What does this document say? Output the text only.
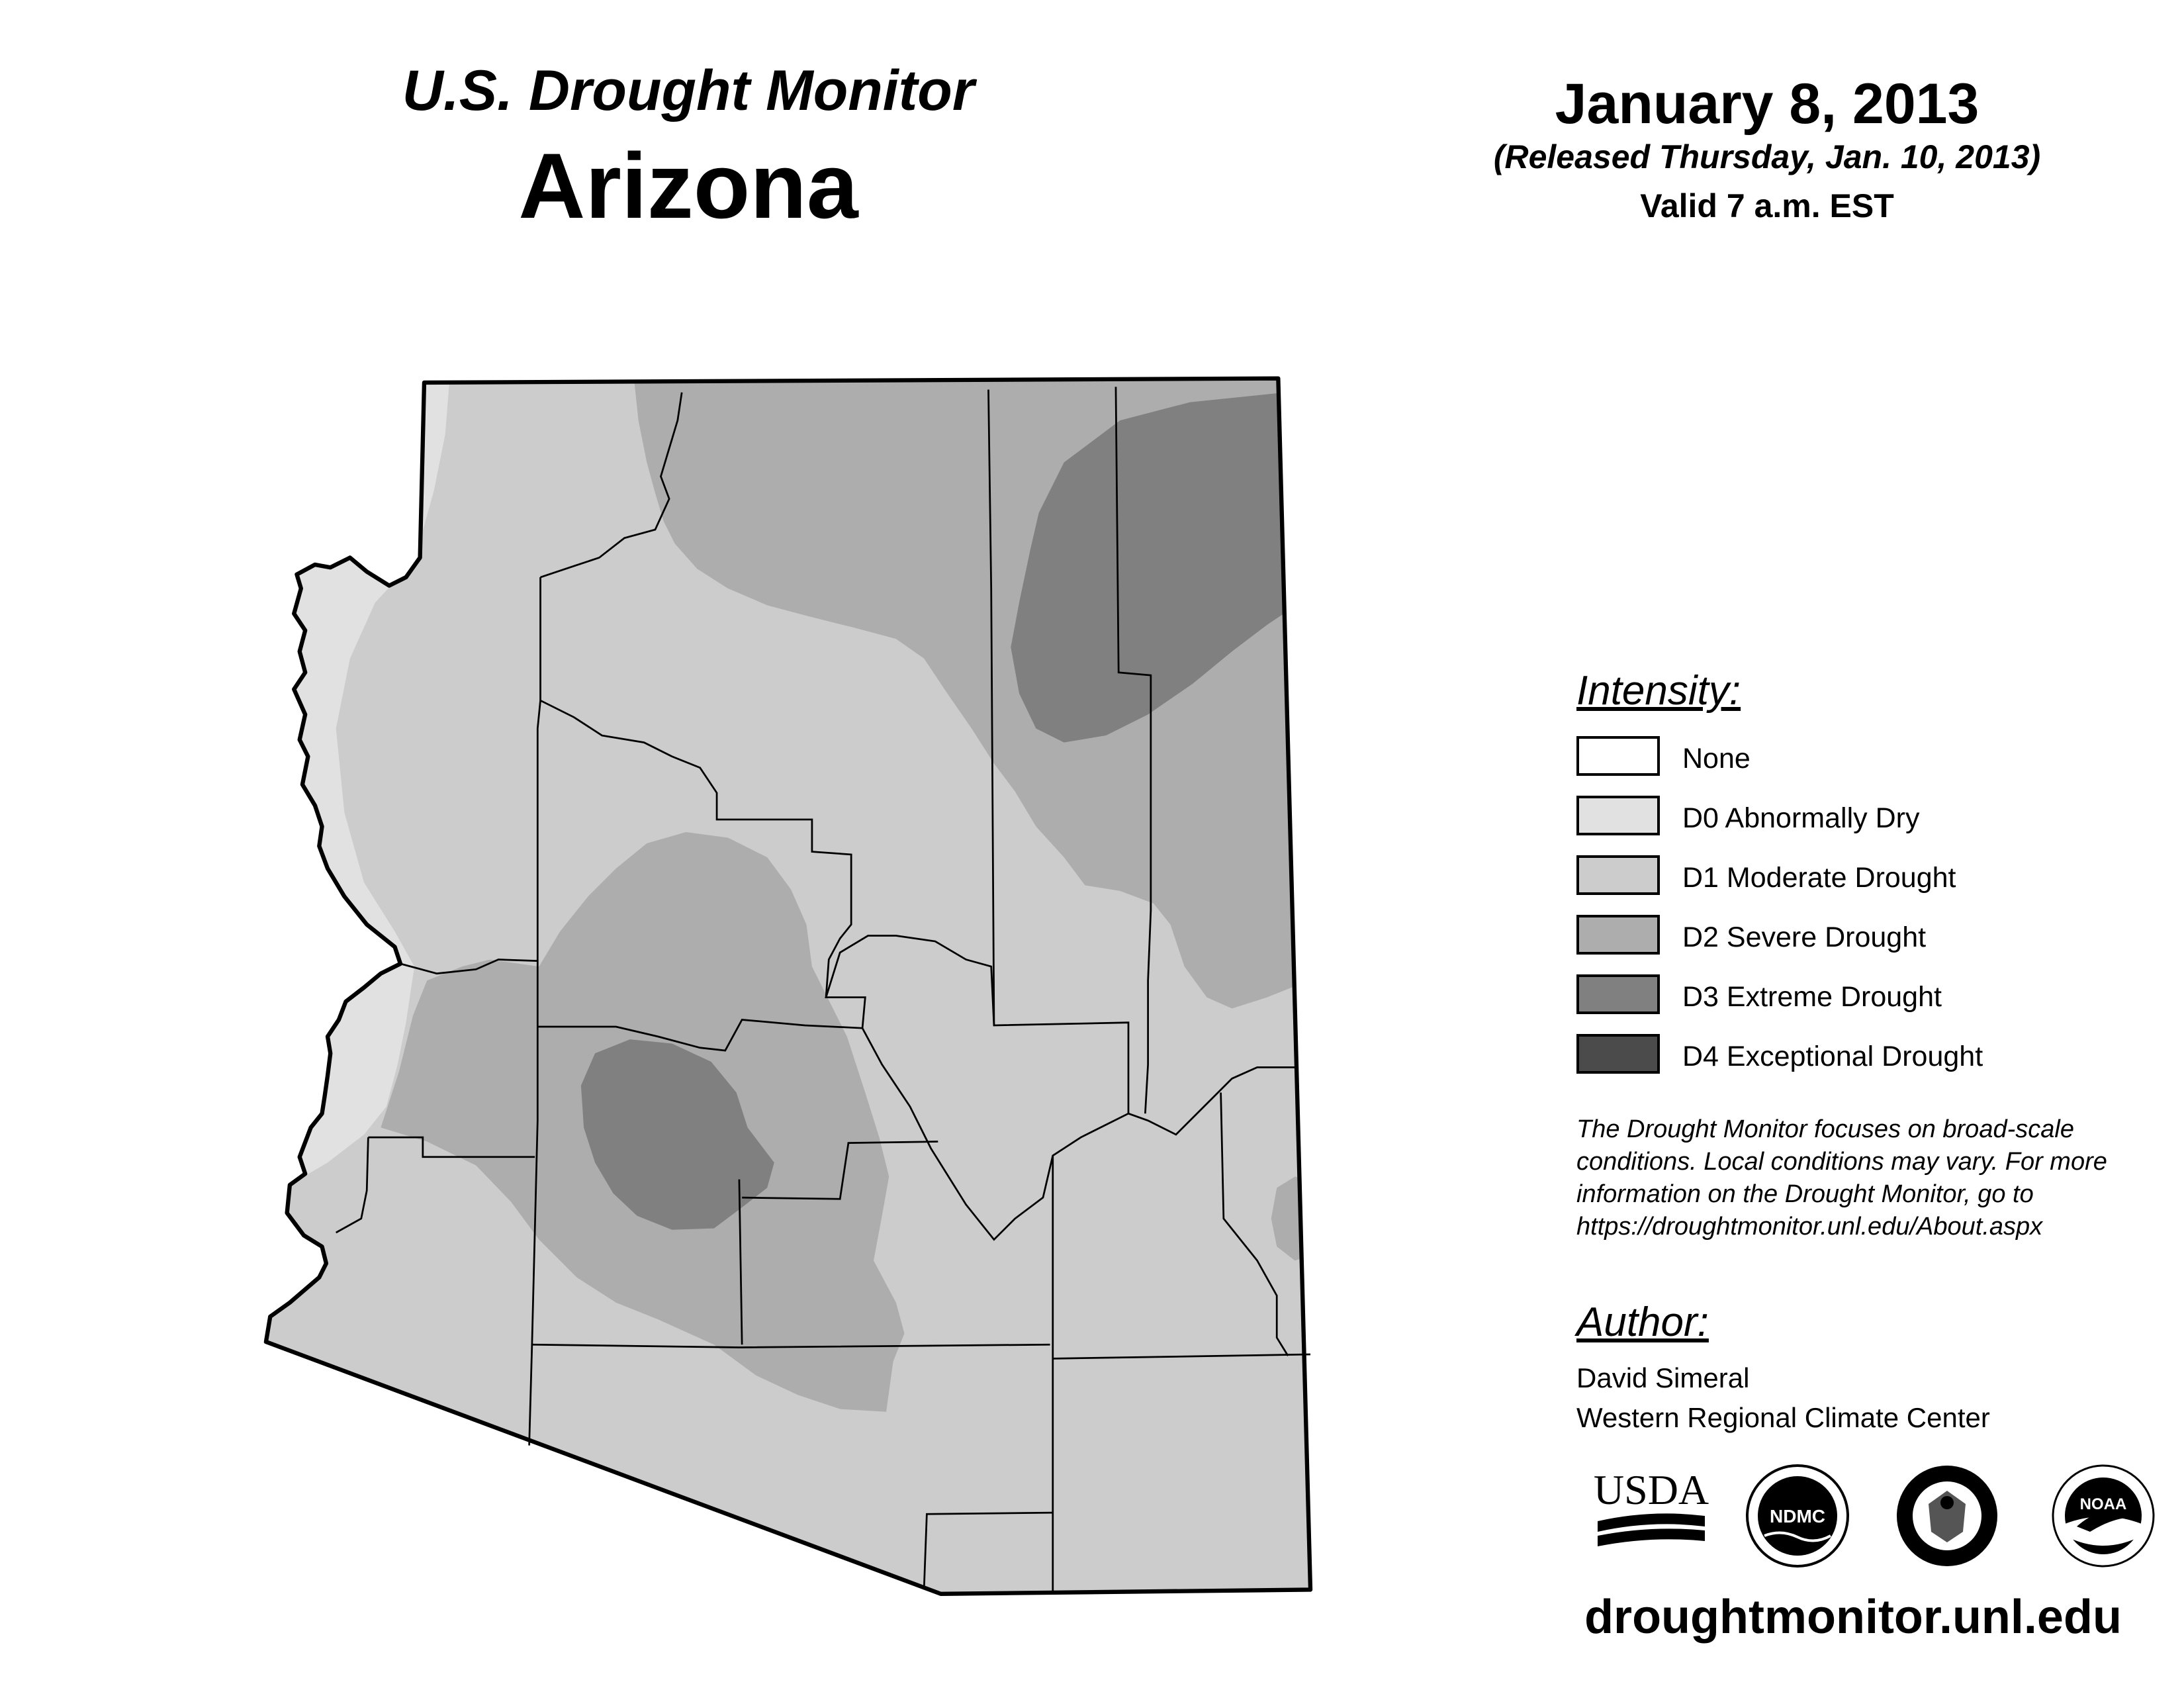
U.S. Drought Monitor
Arizona
January 8, 2013
(Released Thursday, Jan. 10, 2013)
Valid 7 a.m. EST
Intensity:
None
D0 Abnormally Dry
D1 Moderate Drought
D2 Severe Drought
D3 Extreme Drought
D4 Exceptional Drought
The Drought Monitor focuses on broad-scale conditions. Local conditions may vary. For more information on the Drought Monitor, go to https://droughtmonitor.unl.edu/About.aspx
Author:
David Simeral
Western Regional Climate Center
USDA
NDMC
NOAA
droughtmonitor.unl.edu
